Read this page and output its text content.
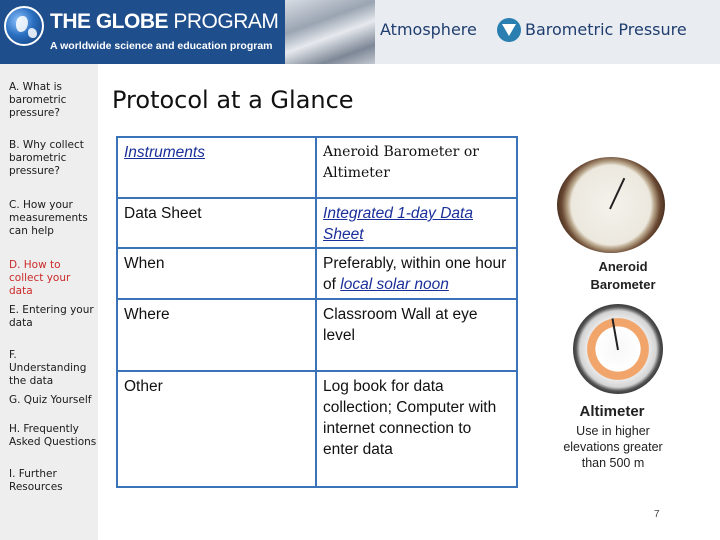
THE GLOBE PROGRAM
A worldwide science and education program
Atmosphere	Barometric Pressure
A. What is barometric pressure?
B. Why collect barometric pressure?
C. How your measurements can help
D. How to collect your data
E. Entering your data
F. Understanding the data
G. Quiz Yourself
H. Frequently Asked Questions
I. Further Resources
Protocol at a Glance
Instruments	Aneroid Barometer or Altimeter
Data Sheet	Integrated 1-day Data Sheet
When	Preferably, within one hour of local solar noon
Where	Classroom Wall at eye level
Other	Log book for data collection; Computer with internet connection to enter data
Aneroid Barometer
Altimeter
Use in higher elevations greater than 500 m
7
